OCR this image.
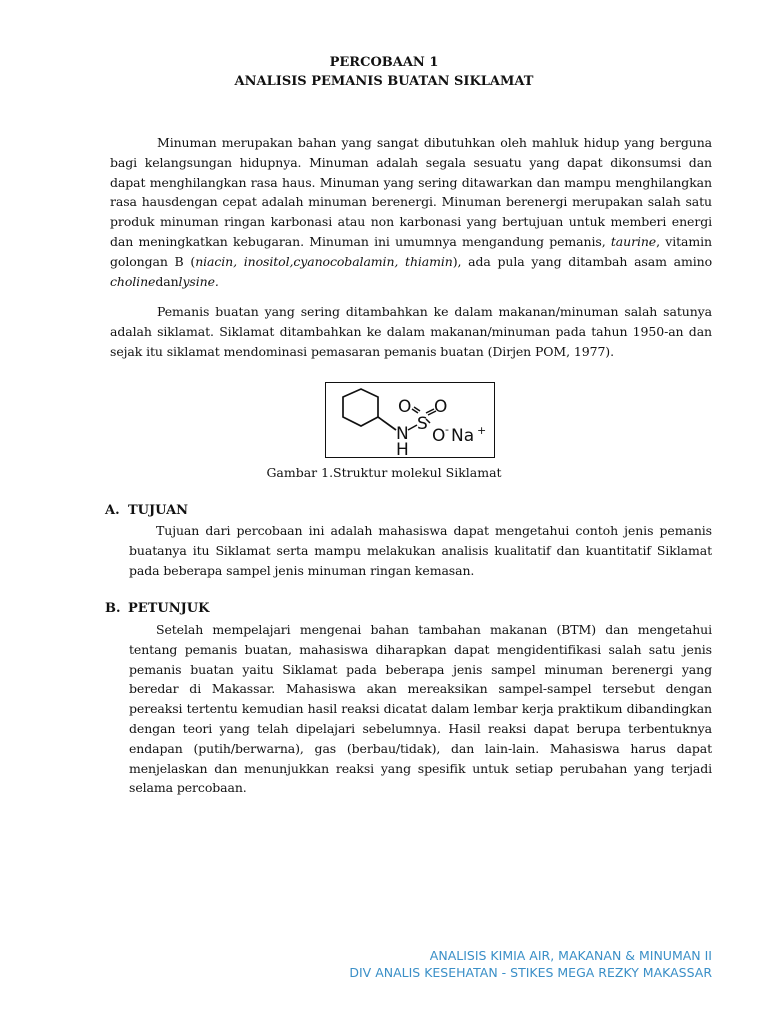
PERCOBAAN 1
ANALISIS PEMANIS BUATAN SIKLAMAT

Minuman merupakan bahan yang sangat dibutuhkan oleh mahluk hidup yang berguna bagi kelangsungan hidupnya. Minuman adalah segala sesuatu yang dapat dikonsumsi dan dapat menghilangkan rasa haus. Minuman yang sering ditawarkan dan mampu menghilangkan rasa hausdengan cepat adalah minuman berenergi. Minuman berenergi merupakan salah satu produk minuman ringan karbonasi atau non karbonasi yang bertujuan untuk memberi energi dan meningkatkan kebugaran. Minuman ini umumnya mengandung pemanis, taurine, vitamin golongan B (niacin, inositol,cyanocobalamin, thiamin), ada pula yang ditambah asam amino cholinedanlysine.

Pemanis buatan yang sering ditambahkan ke dalam makanan/minuman salah satunya adalah siklamat. Siklamat ditambahkan ke dalam makanan/minuman pada tahun 1950-an dan sejak itu siklamat mendominasi pemasaran pemanis buatan (Dirjen POM, 1977).

O O
S
N
H
O - Na +
Gambar 1.Struktur molekul Siklamat
A. TUJUAN

Tujuan dari percobaan ini adalah mahasiswa dapat mengetahui contoh jenis pemanis buatanya itu Siklamat serta mampu melakukan analisis kualitatif dan kuantitatif Siklamat pada beberapa sampel jenis minuman ringan kemasan.

B. PETUNJUK

Setelah mempelajari mengenai bahan tambahan makanan (BTM) dan mengetahui tentang pemanis buatan, mahasiswa diharapkan dapat mengidentifikasi salah satu jenis pemanis buatan yaitu Siklamat pada beberapa jenis sampel minuman berenergi yang beredar di Makassar. Mahasiswa akan mereaksikan sampel-sampel tersebut dengan pereaksi tertentu kemudian hasil reaksi dicatat dalam lembar kerja praktikum dibandingkan dengan teori yang telah dipelajari sebelumnya. Hasil reaksi dapat berupa terbentuknya endapan (putih/berwarna), gas (berbau/tidak), dan lain-lain. Mahasiswa harus dapat menjelaskan dan menunjukkan reaksi yang spesifik untuk setiap perubahan yang terjadi selama percobaan.

ANALISIS KIMIA AIR, MAKANAN & MINUMAN II
DIV ANALIS KESEHATAN - STIKES MEGA REZKY MAKASSAR
